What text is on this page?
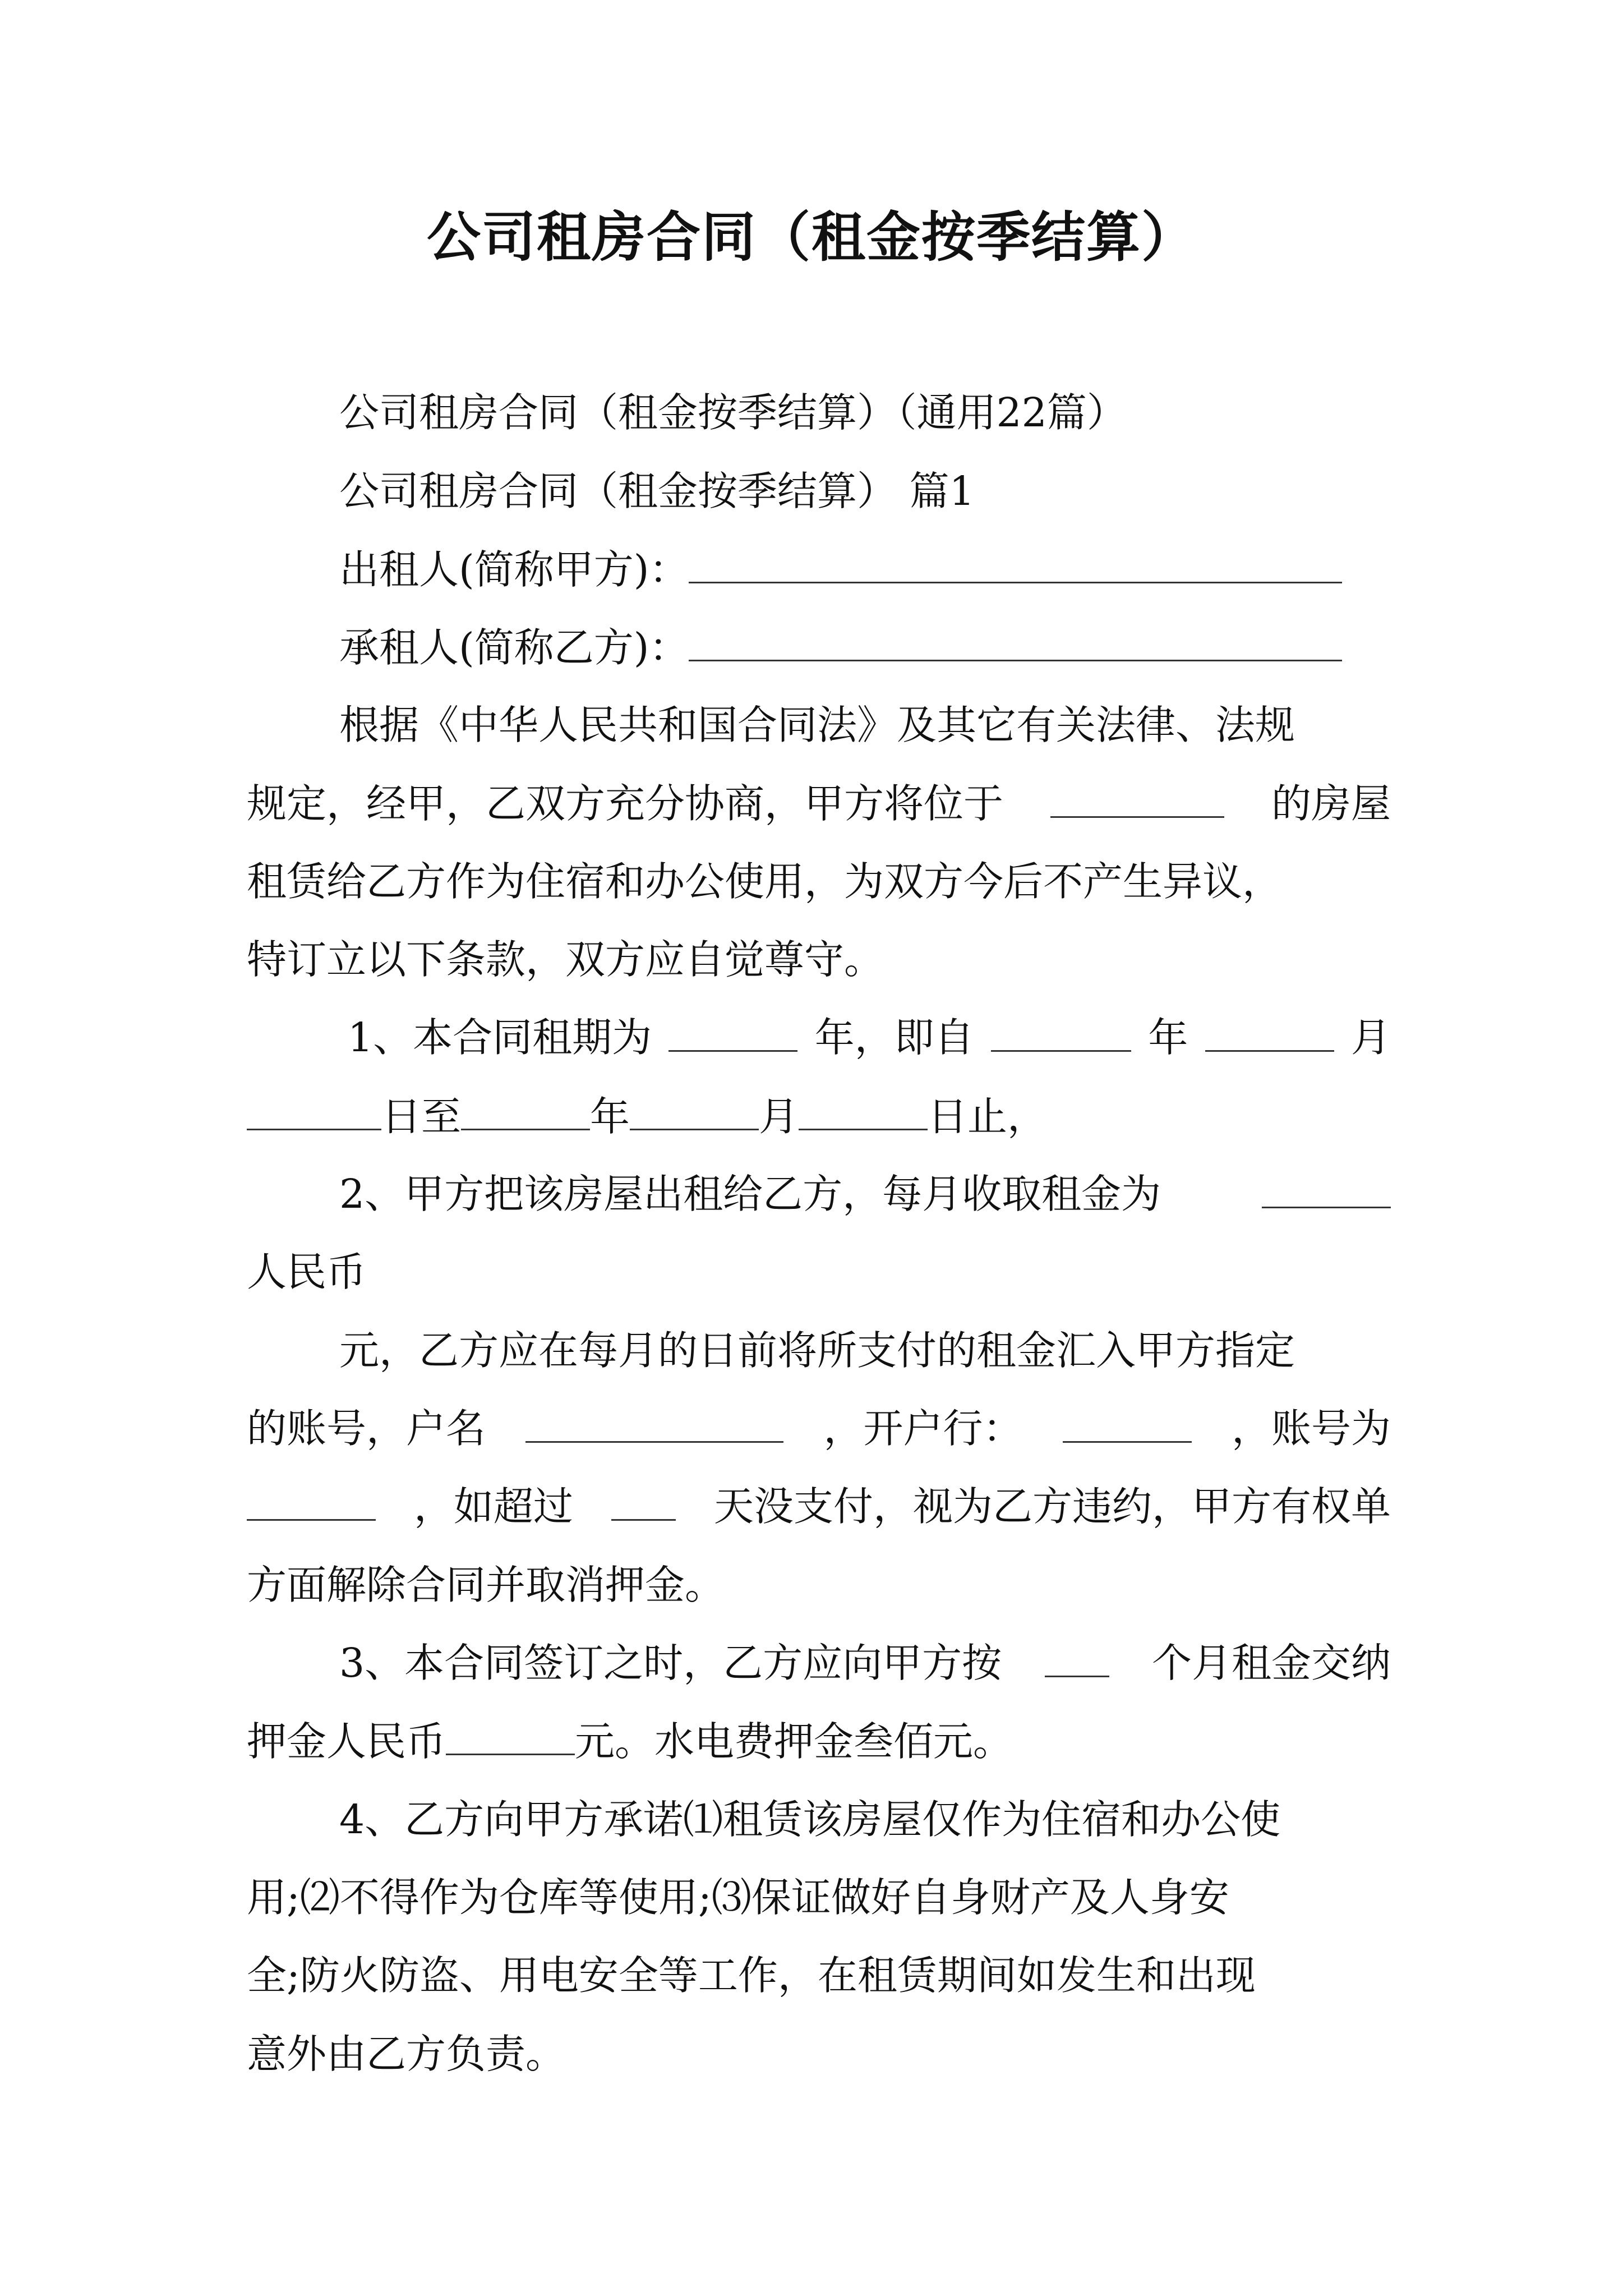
公司租房合同（租金按季结算）
公司租房合同（租金按季结算）（通用22篇）
公司租房合同（租金按季结算） 篇1
出租人(简称甲方)：
承租人(简称乙方)：
根据《中华人民共和国合同法》及其它有关法律、法规
规定，经甲，乙双方充分协商，甲方将位于	的房屋
租赁给乙方作为住宿和办公使用，为双方今后不产生异议，
特订立以下条款，双方应自觉尊守。
1、本合同租期为	年，即自	年	月
日至	年	月	日止，
2、甲方把该房屋出租给乙方，每月收取租金为
人民币
元，乙方应在每月的日前将所支付的租金汇入甲方指定
的账号，户名	，开户行：	，账号为
，如超过	天没支付，视为乙方违约，甲方有权单
方面解除合同并取消押金。
3、本合同签订之时，乙方应向甲方按	个月租金交纳
押金人民币	元。水电费押金叁佰元。
4、乙方向甲方承诺⑴租赁该房屋仅作为住宿和办公使
用;⑵不得作为仓库等使用;⑶保证做好自身财产及人身安
全;防火防盗、用电安全等工作，在租赁期间如发生和出现
意外由乙方负责。
